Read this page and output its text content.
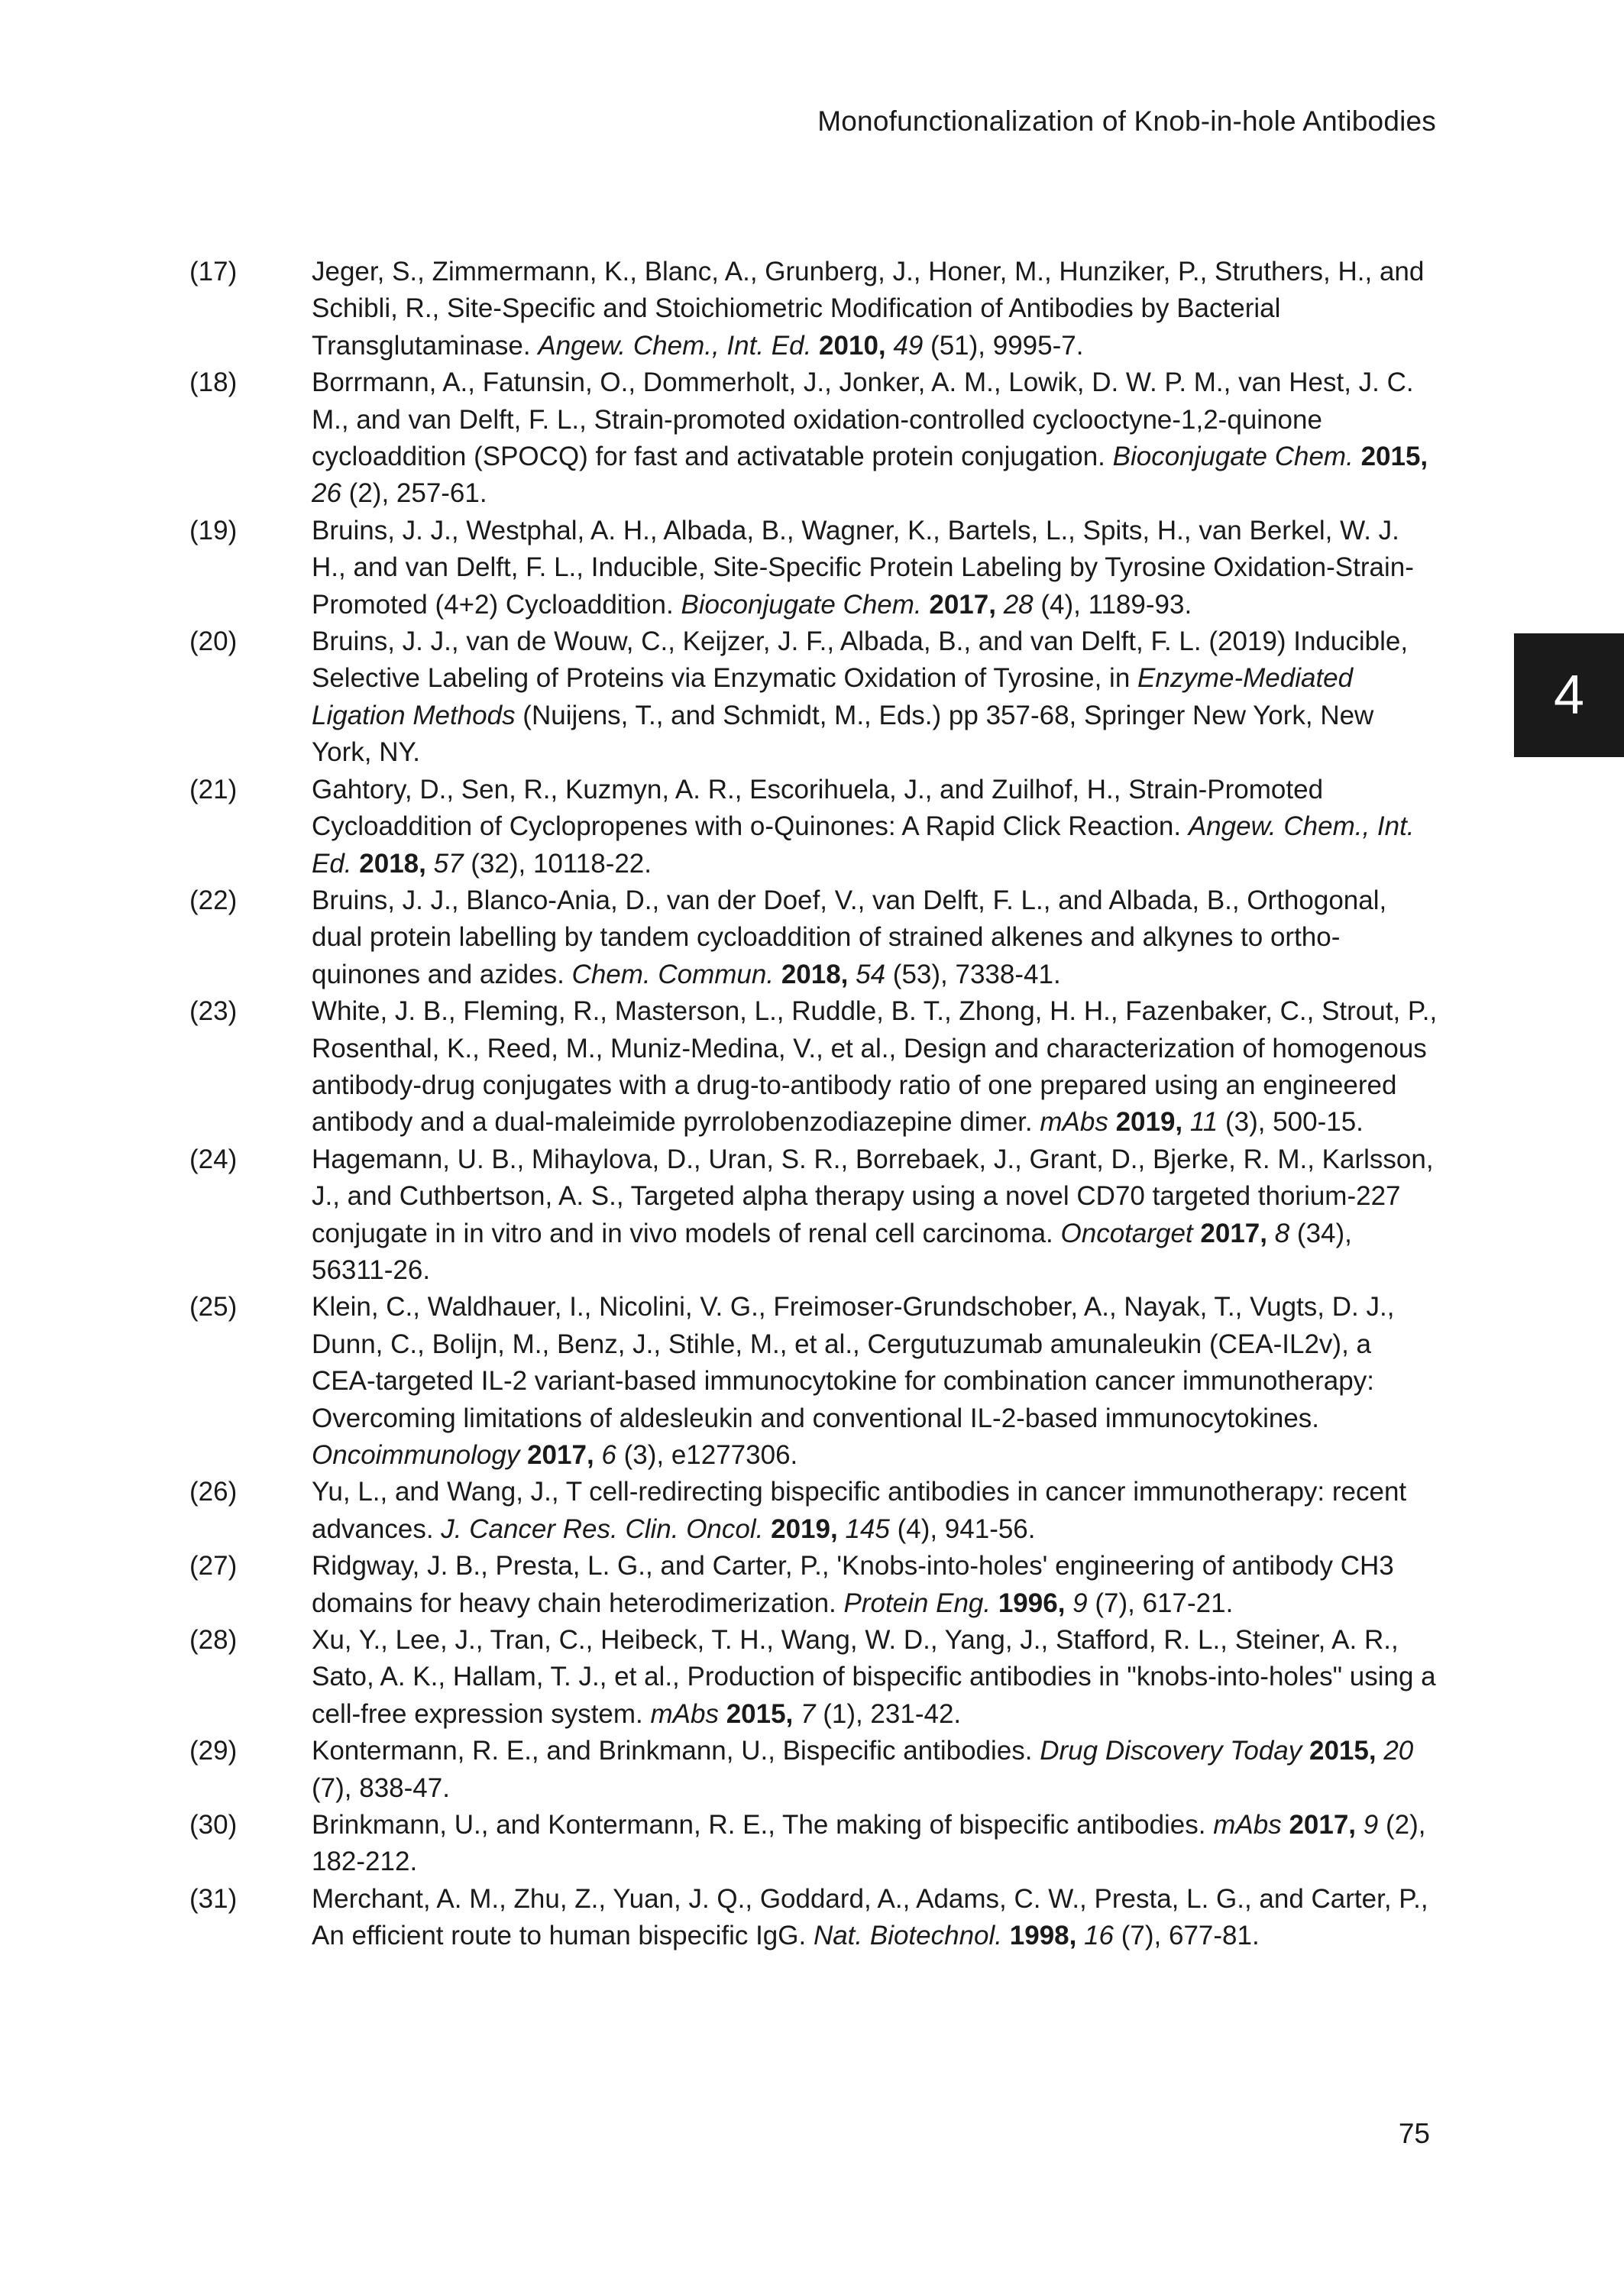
Monofunctionalization of Knob-in-hole Antibodies
(17)	Jeger, S., Zimmermann, K., Blanc, A., Grunberg, J., Honer, M., Hunziker, P., Struthers, H., and Schibli, R., Site-Specific and Stoichiometric Modification of Antibodies by Bacterial Transglutaminase. Angew. Chem., Int. Ed. 2010, 49 (51), 9995-7.
(18)	Borrmann, A., Fatunsin, O., Dommerholt, J., Jonker, A. M., Lowik, D. W. P. M., van Hest, J. C. M., and van Delft, F. L., Strain-promoted oxidation-controlled cyclooctyne-1,2-quinone cycloaddition (SPOCQ) for fast and activatable protein conjugation. Bioconjugate Chem. 2015, 26 (2), 257-61.
(19)	Bruins, J. J., Westphal, A. H., Albada, B., Wagner, K., Bartels, L., Spits, H., van Berkel, W. J. H., and van Delft, F. L., Inducible, Site-Specific Protein Labeling by Tyrosine Oxidation-Strain-Promoted (4+2) Cycloaddition. Bioconjugate Chem. 2017, 28 (4), 1189-93.
(20)	Bruins, J. J., van de Wouw, C., Keijzer, J. F., Albada, B., and van Delft, F. L. (2019) Inducible, Selective Labeling of Proteins via Enzymatic Oxidation of Tyrosine, in Enzyme-Mediated Ligation Methods (Nuijens, T., and Schmidt, M., Eds.) pp 357-68, Springer New York, New York, NY.
(21)	Gahtory, D., Sen, R., Kuzmyn, A. R., Escorihuela, J., and Zuilhof, H., Strain-Promoted Cycloaddition of Cyclopropenes with o-Quinones: A Rapid Click Reaction. Angew. Chem., Int. Ed. 2018, 57 (32), 10118-22.
(22)	Bruins, J. J., Blanco-Ania, D., van der Doef, V., van Delft, F. L., and Albada, B., Orthogonal, dual protein labelling by tandem cycloaddition of strained alkenes and alkynes to ortho-quinones and azides. Chem. Commun. 2018, 54 (53), 7338-41.
(23)	White, J. B., Fleming, R., Masterson, L., Ruddle, B. T., Zhong, H. H., Fazenbaker, C., Strout, P., Rosenthal, K., Reed, M., Muniz-Medina, V., et al., Design and characterization of homogenous antibody-drug conjugates with a drug-to-antibody ratio of one prepared using an engineered antibody and a dual-maleimide pyrrolobenzodiazepine dimer. mAbs 2019, 11 (3), 500-15.
(24)	Hagemann, U. B., Mihaylova, D., Uran, S. R., Borrebaek, J., Grant, D., Bjerke, R. M., Karlsson, J., and Cuthbertson, A. S., Targeted alpha therapy using a novel CD70 targeted thorium-227 conjugate in in vitro and in vivo models of renal cell carcinoma. Oncotarget 2017, 8 (34), 56311-26.
(25)	Klein, C., Waldhauer, I., Nicolini, V. G., Freimoser-Grundschober, A., Nayak, T., Vugts, D. J., Dunn, C., Bolijn, M., Benz, J., Stihle, M., et al., Cergutuzumab amunaleukin (CEA-IL2v), a CEA-targeted IL-2 variant-based immunocytokine for combination cancer immunotherapy: Overcoming limitations of aldesleukin and conventional IL-2-based immunocytokines. Oncoimmunology 2017, 6 (3), e1277306.
(26)	Yu, L., and Wang, J., T cell-redirecting bispecific antibodies in cancer immunotherapy: recent advances. J. Cancer Res. Clin. Oncol. 2019, 145 (4), 941-56.
(27)	Ridgway, J. B., Presta, L. G., and Carter, P., 'Knobs-into-holes' engineering of antibody CH3 domains for heavy chain heterodimerization. Protein Eng. 1996, 9 (7), 617-21.
(28)	Xu, Y., Lee, J., Tran, C., Heibeck, T. H., Wang, W. D., Yang, J., Stafford, R. L., Steiner, A. R., Sato, A. K., Hallam, T. J., et al., Production of bispecific antibodies in "knobs-into-holes" using a cell-free expression system. mAbs 2015, 7 (1), 231-42.
(29)	Kontermann, R. E., and Brinkmann, U., Bispecific antibodies. Drug Discovery Today 2015, 20 (7), 838-47.
(30)	Brinkmann, U., and Kontermann, R. E., The making of bispecific antibodies. mAbs 2017, 9 (2), 182-212.
(31)	Merchant, A. M., Zhu, Z., Yuan, J. Q., Goddard, A., Adams, C. W., Presta, L. G., and Carter, P., An efficient route to human bispecific IgG. Nat. Biotechnol. 1998, 16 (7), 677-81.
4
75
